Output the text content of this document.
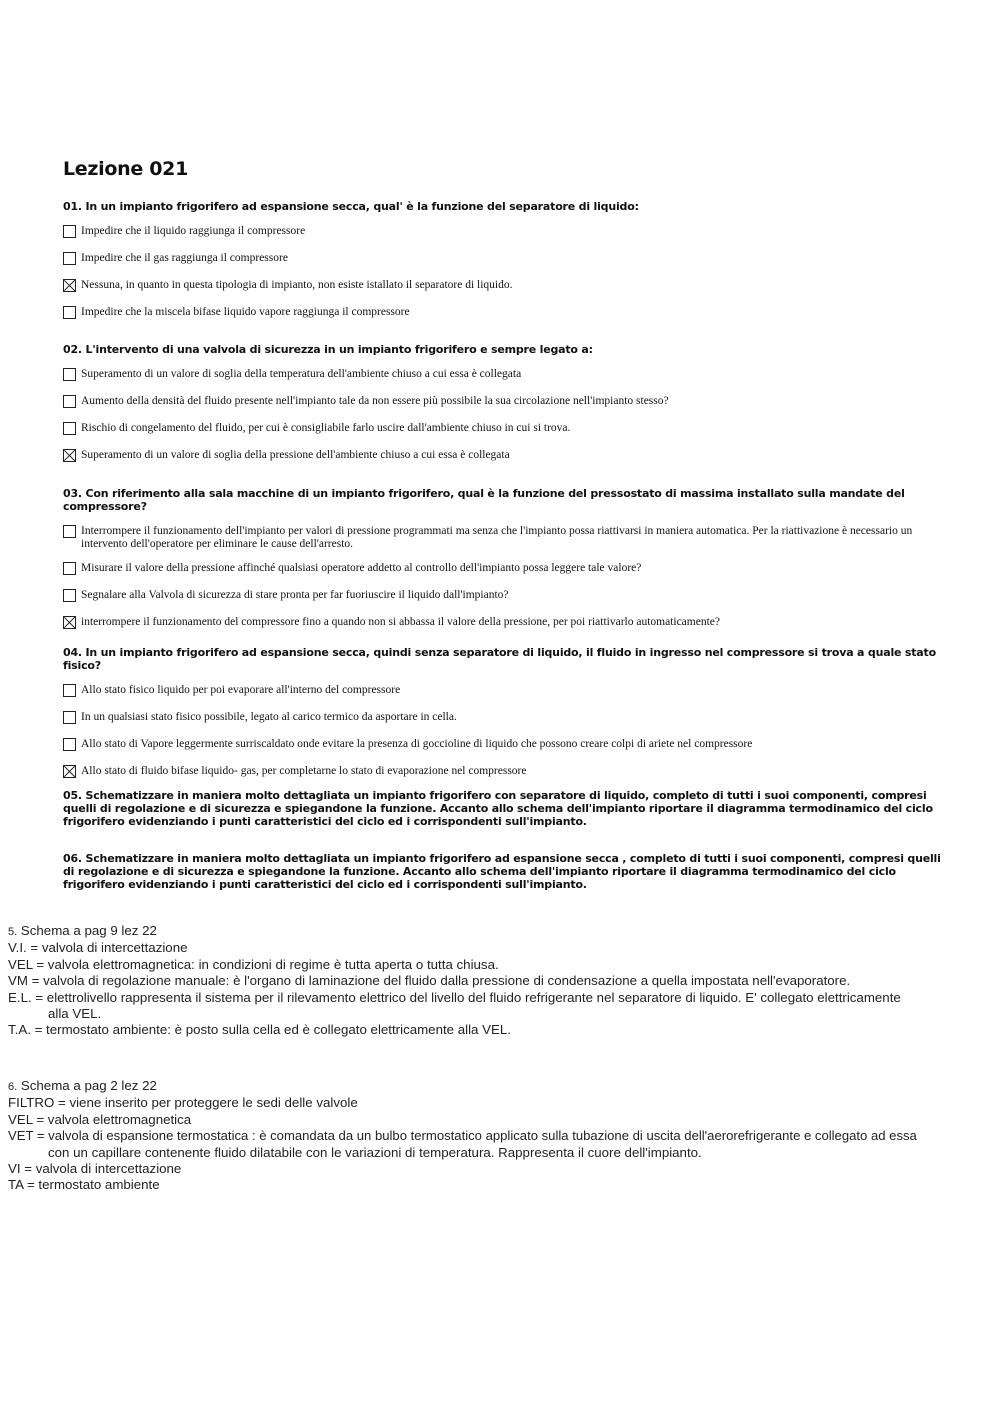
Lezione 021

01. In un impianto frigorifero ad espansione secca, qual' è la funzione del separatore di liquido:

Impedire che il liquido raggiunga il compressore
Impedire che il gas raggiunga il compressore
Nessuna, in quanto in questa tipologia di impianto, non esiste istallato il separatore di liquido.
Impedire che la miscela bifase liquido vapore raggiunga il compressore

02. L'intervento di una valvola di sicurezza in un impianto frigorifero e sempre legato a:

Superamento di un valore di soglia della temperatura dell'ambiente chiuso a cui essa è collegata
Aumento della densità del fluido presente nell'impianto tale da non essere più possibile la sua circolazione nell'impianto stesso?
Rischio di congelamento del fluido, per cui è consigliabile farlo uscire dall'ambiente chiuso in cui si trova.
Superamento di un valore di soglia della pressione dell'ambiente chiuso a cui essa è collegata

03. Con riferimento alla sala macchine di un impianto frigorifero, qual è la funzione del pressostato di massima installato sulla mandate del compressore?

Interrompere il funzionamento dell'impianto per valori di pressione programmati ma senza che l'impianto possa riattivarsi in maniera automatica. Per la riattivazione è necessario un intervento dell'operatore per eliminare le cause dell'arresto.
Misurare il valore della pressione affinché qualsiasi operatore addetto al controllo dell'impianto possa leggere tale valore?
Segnalare alla Valvola di sicurezza di stare pronta per far fuoriuscire il liquido dall'impianto?
interrompere il funzionamento del compressore fino a quando non si abbassa il valore della pressione, per poi riattivarlo automaticamente?

04. In un impianto frigorifero ad espansione secca, quindi senza separatore di liquido, il fluido in ingresso nel compressore si trova a quale stato fisico?

Allo stato fisico liquido per poi evaporare all'interno del compressore
In un qualsiasi stato fisico possibile, legato al carico termico da asportare in cella.
Allo stato di Vapore leggermente surriscaldato onde evitare la presenza di goccioline di liquido che possono creare colpi di ariete nel compressore
Allo stato di fluido bifase liquido- gas, per completarne lo stato di evaporazione nel compressore

05. Schematizzare in maniera molto dettagliata un impianto frigorifero con separatore di liquido, completo di tutti i suoi componenti, compresi quelli di regolazione e di sicurezza e spiegandone la funzione. Accanto allo schema dell'impianto riportare il diagramma termodinamico del ciclo frigorifero evidenziando i punti caratteristici del ciclo ed i corrispondenti sull'impianto.

06. Schematizzare in maniera molto dettagliata un impianto frigorifero ad espansione secca , completo di tutti i suoi componenti, compresi quelli di regolazione e di sicurezza e spiegandone la funzione. Accanto allo schema dell'impianto riportare il diagramma termodinamico del ciclo frigorifero evidenziando i punti caratteristici del ciclo ed i corrispondenti sull'impianto.

5. Schema a pag 9 lez 22
V.I. = valvola di intercettazione
VEL = valvola elettromagnetica: in condizioni di regime è tutta aperta o tutta chiusa.
VM = valvola di regolazione manuale: è l'organo di laminazione del fluido dalla pressione di condensazione a quella impostata nell'evaporatore.
E.L. = elettrolivello rappresenta il sistema per il rilevamento elettrico del livello del fluido refrigerante nel separatore di liquido. E' collegato elettricamente
alla VEL.
T.A. = termostato ambiente: è posto sulla cella ed è collegato elettricamente alla VEL.
6. Schema a pag 2 lez 22
FILTRO = viene inserito per proteggere le sedi delle valvole
VEL = valvola elettromagnetica
VET = valvola di espansione termostatica : è comandata da un bulbo termostatico applicato sulla tubazione di uscita dell'aerorefrigerante e collegato ad essa
con un capillare contenente fluido dilatabile con le variazioni di temperatura. Rappresenta il cuore dell'impianto.
VI = valvola di intercettazione
TA = termostato ambiente
